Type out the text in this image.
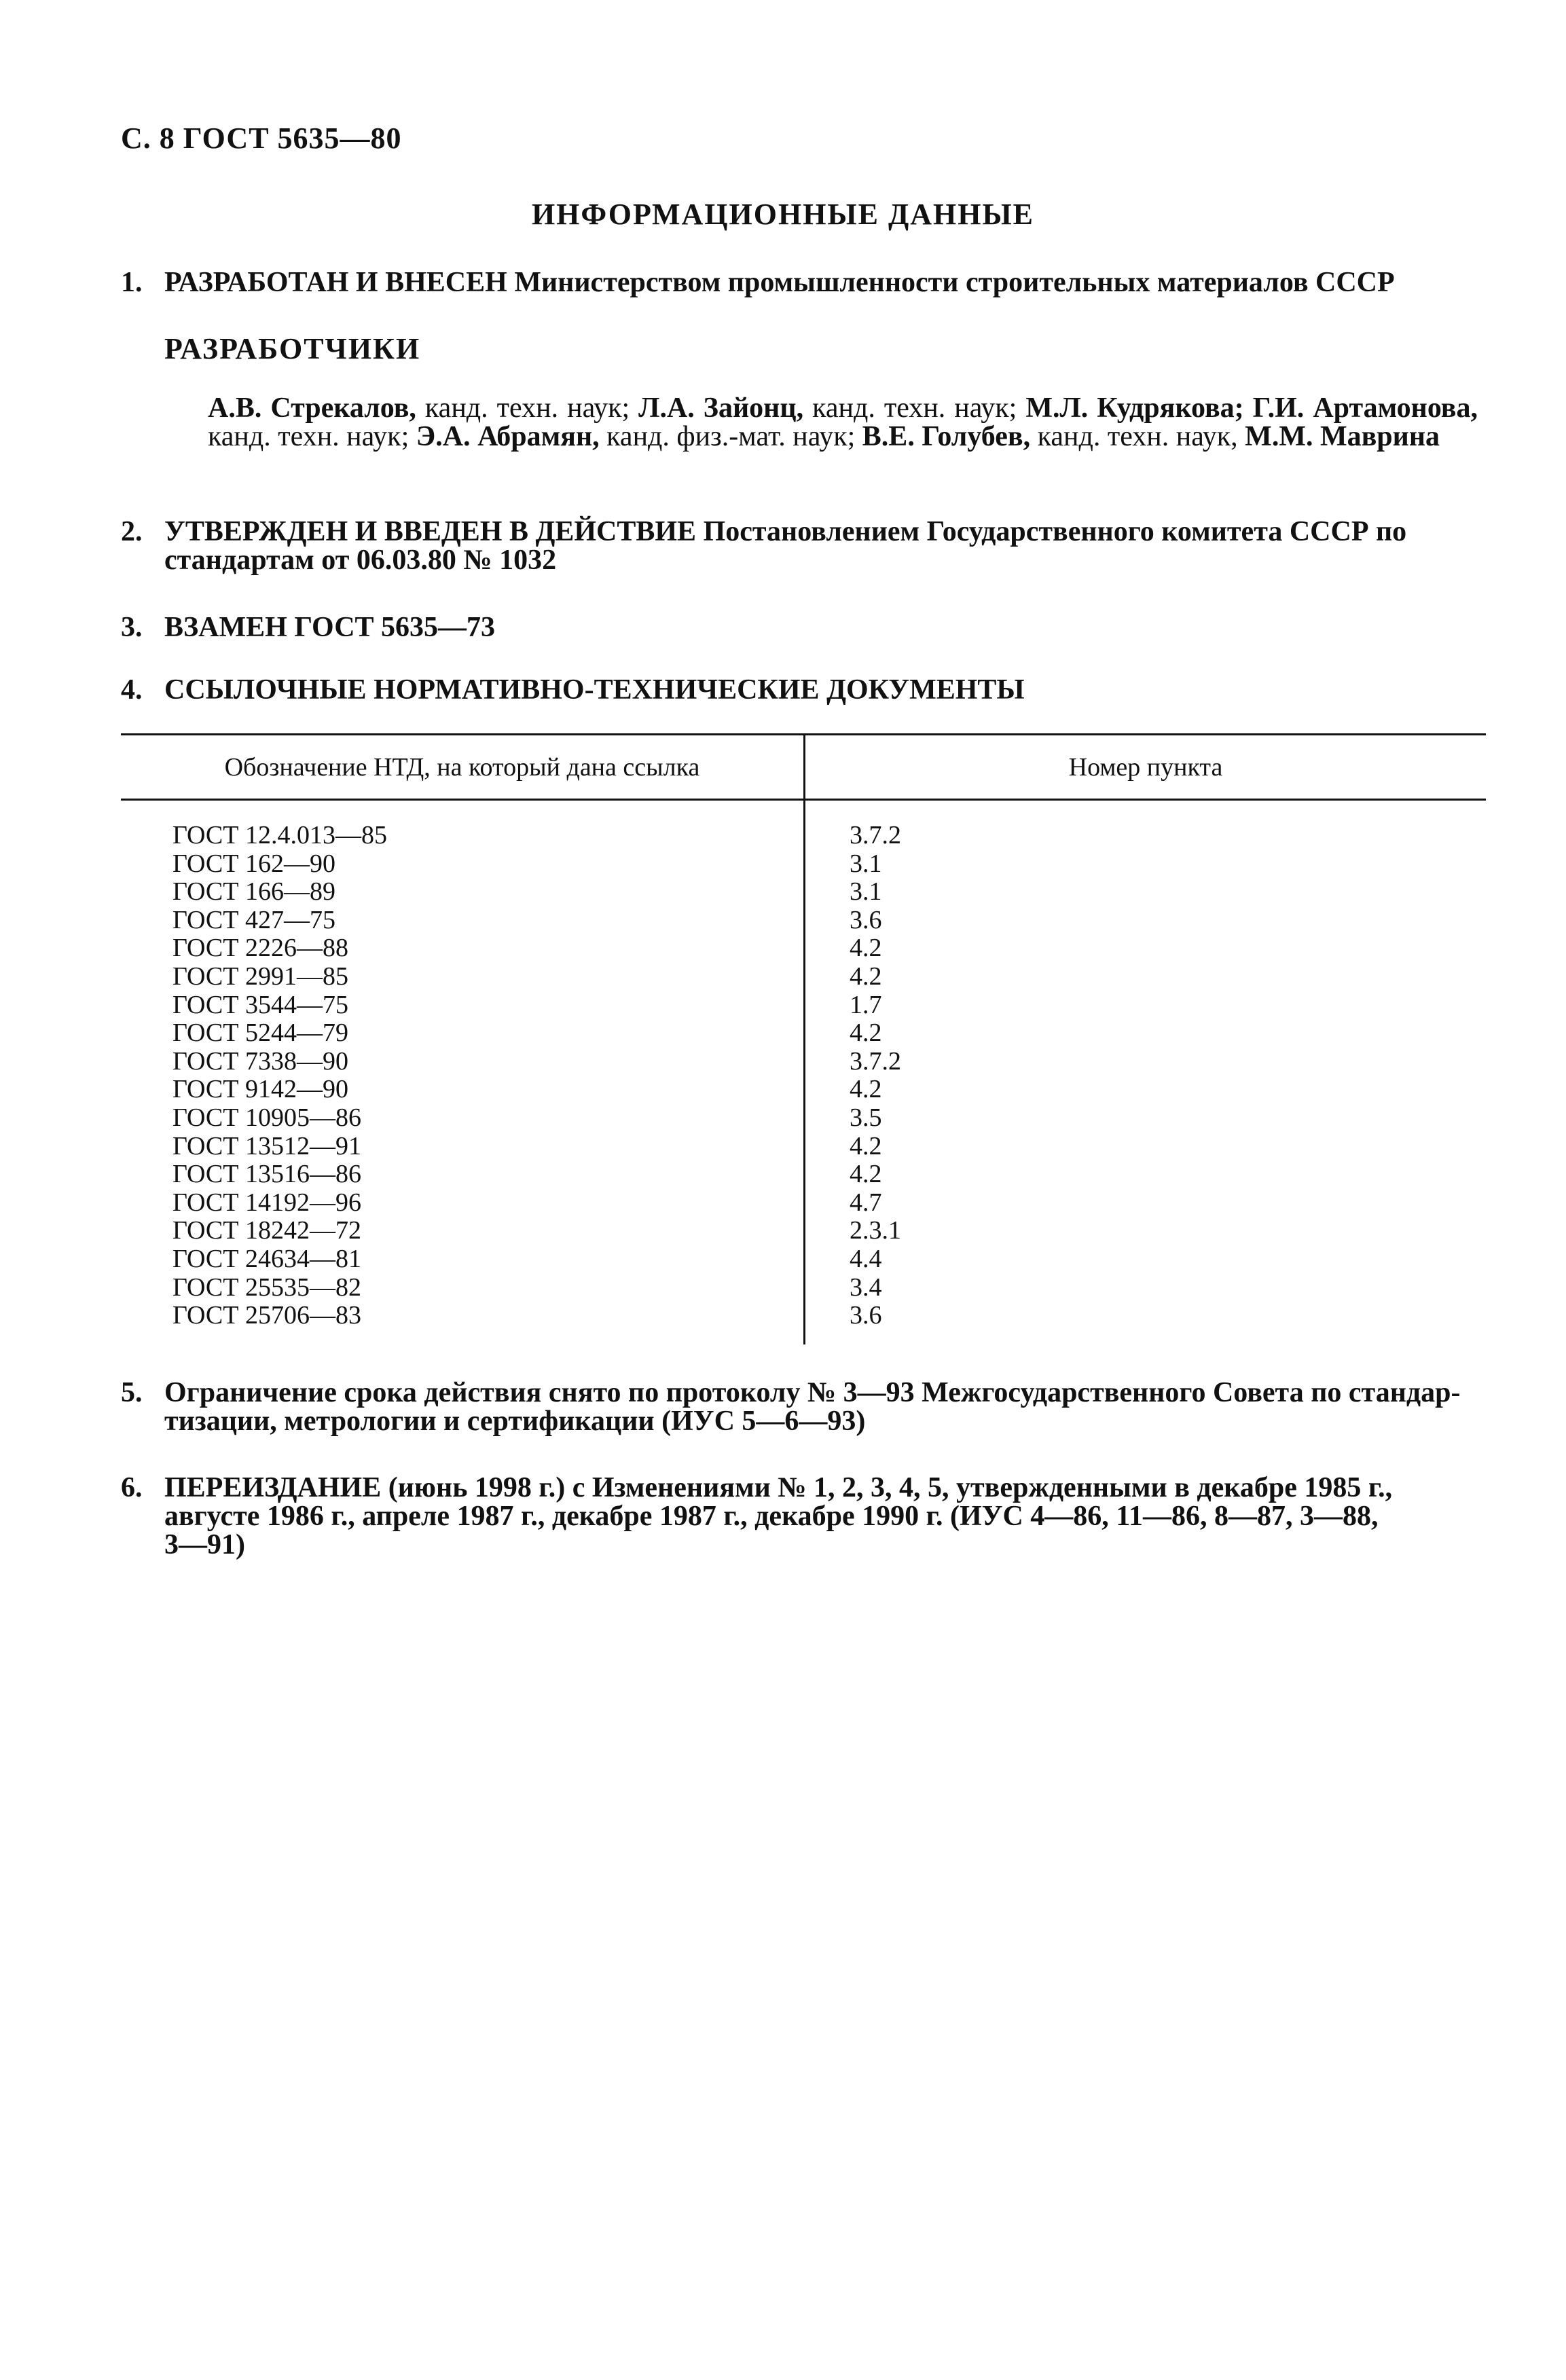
С. 8 ГОСТ 5635—80
ИНФОРМАЦИОННЫЕ ДАННЫЕ
1. РАЗРАБОТАН И ВНЕСЕН Министерством промышленности строительных материалов СССР
РАЗРАБОТЧИКИ
А.В. Стрекалов, канд. техн. наук; Л.А. Зайонц, канд. техн. наук; М.Л. Кудрякова; Г.И. Артамонова, канд. техн. наук; Э.А. Абрамян, канд. физ.-мат. наук; В.Е. Голубев, канд. техн. наук, М.М. Маврина
2. УТВЕРЖДЕН И ВВЕДЕН В ДЕЙСТВИЕ Постановлением Государственного комитета СССР по
стандартам от 06.03.80 № 1032
3. ВЗАМЕН ГОСТ 5635—73
4. ССЫЛОЧНЫЕ НОРМАТИВНО-ТЕХНИЧЕСКИЕ ДОКУМЕНТЫ
Обозначение НТД, на который дана ссылка	Номер пункта
ГОСТ 12.4.013—85
ГОСТ 162—90
ГОСТ 166—89
ГОСТ 427—75
ГОСТ 2226—88
ГОСТ 2991—85
ГОСТ 3544—75
ГОСТ 5244—79
ГОСТ 7338—90
ГОСТ 9142—90
ГОСТ 10905—86
ГОСТ 13512—91
ГОСТ 13516—86
ГОСТ 14192—96
ГОСТ 18242—72
ГОСТ 24634—81
ГОСТ 25535—82
ГОСТ 25706—83
3.7.2
3.1
3.1
3.6
4.2
4.2
1.7
4.2
3.7.2
4.2
3.5
4.2
4.2
4.7
2.3.1
4.4
3.4
3.6
5. Ограничение срока действия снято по протоколу № 3—93 Межгосударственного Совета по стандар-
тизации, метрологии и сертификации (ИУС 5—6—93)
6. ПЕРЕИЗДАНИЕ (июнь 1998 г.) с Изменениями № 1, 2, 3, 4, 5, утвержденными в декабре 1985 г.,
августе 1986 г., апреле 1987 г., декабре 1987 г., декабре 1990 г. (ИУС 4—86, 11—86, 8—87, 3—88,
3—91)
